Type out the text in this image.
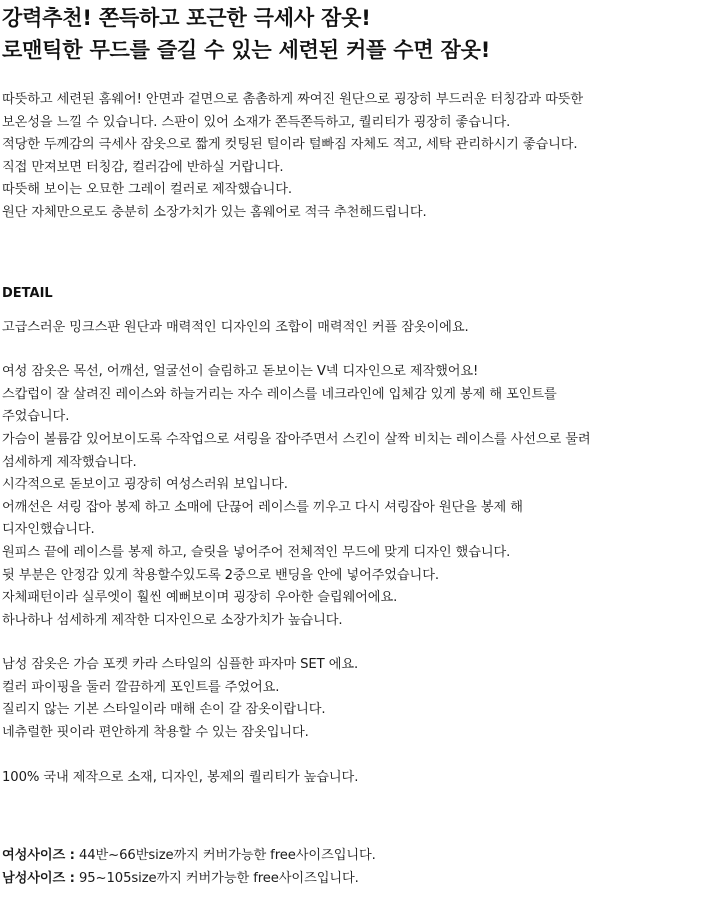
강력추천! 쫀득하고 포근한 극세사 잠옷!
로맨틱한 무드를 즐길 수 있는 세련된 커플 수면 잠옷!
따뜻하고 세련된 홈웨어! 안면과 겉면으로 촘촘하게 짜여진 원단으로 굉장히 부드러운 터칭감과 따뜻한
보온성을 느낄 수 있습니다. 스판이 있어 소재가 쫀득쫀득하고, 퀄리티가 굉장히 좋습니다.
적당한 두께감의 극세사 잠옷으로 짧게 컷팅된 털이라 털빠짐 자체도 적고, 세탁 관리하시기 좋습니다.
직접 만져보면 터칭감, 컬러감에 반하실 거랍니다.
따뜻해 보이는 오묘한 그레이 컬러로 제작했습니다.
원단 자체만으로도 충분히 소장가치가 있는 홈웨어로 적극 추천해드립니다.
DETAIL
고급스러운 밍크스판 원단과 매력적인 디자인의 조합이 매력적인 커플 잠옷이에요.
여성 잠옷은 목선, 어깨선, 얼굴선이 슬림하고 돋보이는 V넥 디자인으로 제작했어요!
스캅럽이 잘 살려진 레이스와 하늘거리는 자수 레이스를 네크라인에 입체감 있게 봉제 해 포인트를
주었습니다.
가슴이 볼륨감 있어보이도록 수작업으로 셔링을 잡아주면서 스킨이 살짝 비치는 레이스를 사선으로 물려
섬세하게 제작했습니다.
시각적으로 돋보이고 굉장히 여성스러워 보입니다.
어깨선은 셔링 잡아 봉제 하고 소매에 단끊어 레이스를 끼우고 다시 셔링잡아 원단을 봉제 해
디자인했습니다.
원피스 끝에 레이스를 봉제 하고, 슬릿을 넣어주어 전체적인 무드에 맞게 디자인 했습니다.
뒷 부분은 안정감 있게 착용할수있도록 2중으로 밴딩을 안에 넣어주었습니다.
자체패턴이라 실루엣이 훨씬 예뻐보이며 굉장히 우아한 슬립웨어에요.
하나하나 섬세하게 제작한 디자인으로 소장가치가 높습니다.
남성 잠옷은 가슴 포켓 카라 스타일의 심플한 파자마 SET 에요.
컬러 파이핑을 둘러 깔끔하게 포인트를 주었어요.
질리지 않는 기본 스타일이라 매해 손이 갈 잠옷이랍니다.
네츄럴한 핏이라 편안하게 착용할 수 있는 잠옷입니다.
100% 국내 제작으로 소재, 디자인, 봉제의 퀄리티가 높습니다.
여성사이즈 : 44반~66반size까지 커버가능한 free사이즈입니다.
남성사이즈 : 95~105size까지 커버가능한 free사이즈입니다.
